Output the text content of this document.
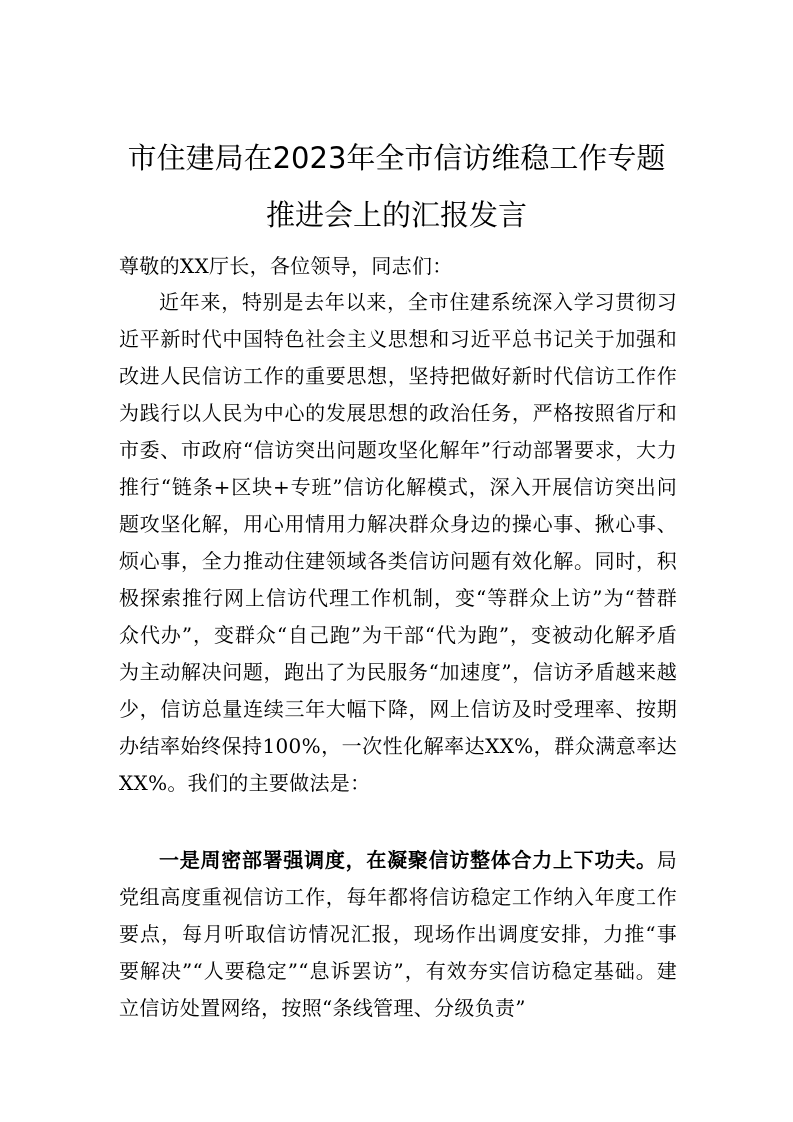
市住建局在2023年全市信访维稳工作专题
推进会上的汇报发言
尊敬的XX厅长，各位领导，同志们：
近年来，特别是去年以来，全市住建系统深入学习贯彻习近平新时代中国特色社会主义思想和习近平总书记关于加强和改进人民信访工作的重要思想，坚持把做好新时代信访工作作为践行以人民为中心的发展思想的政治任务，严格按照省厅和市委、市政府“信访突出问题攻坚化解年”行动部署要求，大力推行“链条+区块+专班”信访化解模式，深入开展信访突出问题攻坚化解，用心用情用力解决群众身边的操心事、揪心事、烦心事，全力推动住建领域各类信访问题有效化解。同时，积极探索推行网上信访代理工作机制，变“等群众上访”为“替群众代办”，变群众“自己跑”为干部“代为跑”，变被动化解矛盾为主动解决问题，跑出了为民服务“加速度”，信访矛盾越来越少，信访总量连续三年大幅下降，网上信访及时受理率、按期办结率始终保持100%，一次性化解率达XX%，群众满意率达XX%。我们的主要做法是：
一是周密部署强调度，在凝聚信访整体合力上下功夫。局党组高度重视信访工作，每年都将信访稳定工作纳入年度工作要点，每月听取信访情况汇报，现场作出调度安排，力推“事要解决”“人要稳定”“息诉罢访”，有效夯实信访稳定基础。建立信访处置网络，按照“条线管理、分级负责”
